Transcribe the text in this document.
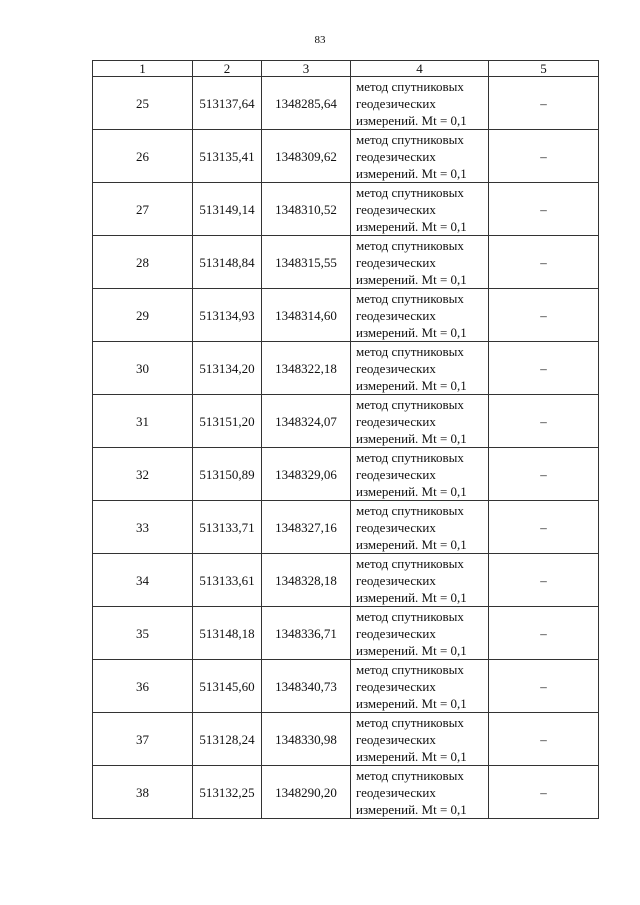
83
1	2	3	4	5
25	513137,64	1348285,64	метод спутниковых
геодезических
измерений. Mt = 0,1	–
26	513135,41	1348309,62	метод спутниковых
геодезических
измерений. Mt = 0,1	–
27	513149,14	1348310,52	метод спутниковых
геодезических
измерений. Mt = 0,1	–
28	513148,84	1348315,55	метод спутниковых
геодезических
измерений. Mt = 0,1	–
29	513134,93	1348314,60	метод спутниковых
геодезических
измерений. Mt = 0,1	–
30	513134,20	1348322,18	метод спутниковых
геодезических
измерений. Mt = 0,1	–
31	513151,20	1348324,07	метод спутниковых
геодезических
измерений. Mt = 0,1	–
32	513150,89	1348329,06	метод спутниковых
геодезических
измерений. Mt = 0,1	–
33	513133,71	1348327,16	метод спутниковых
геодезических
измерений. Mt = 0,1	–
34	513133,61	1348328,18	метод спутниковых
геодезических
измерений. Mt = 0,1	–
35	513148,18	1348336,71	метод спутниковых
геодезических
измерений. Mt = 0,1	–
36	513145,60	1348340,73	метод спутниковых
геодезических
измерений. Mt = 0,1	–
37	513128,24	1348330,98	метод спутниковых
геодезических
измерений. Mt = 0,1	–
38	513132,25	1348290,20	метод спутниковых
геодезических
измерений. Mt = 0,1	–
